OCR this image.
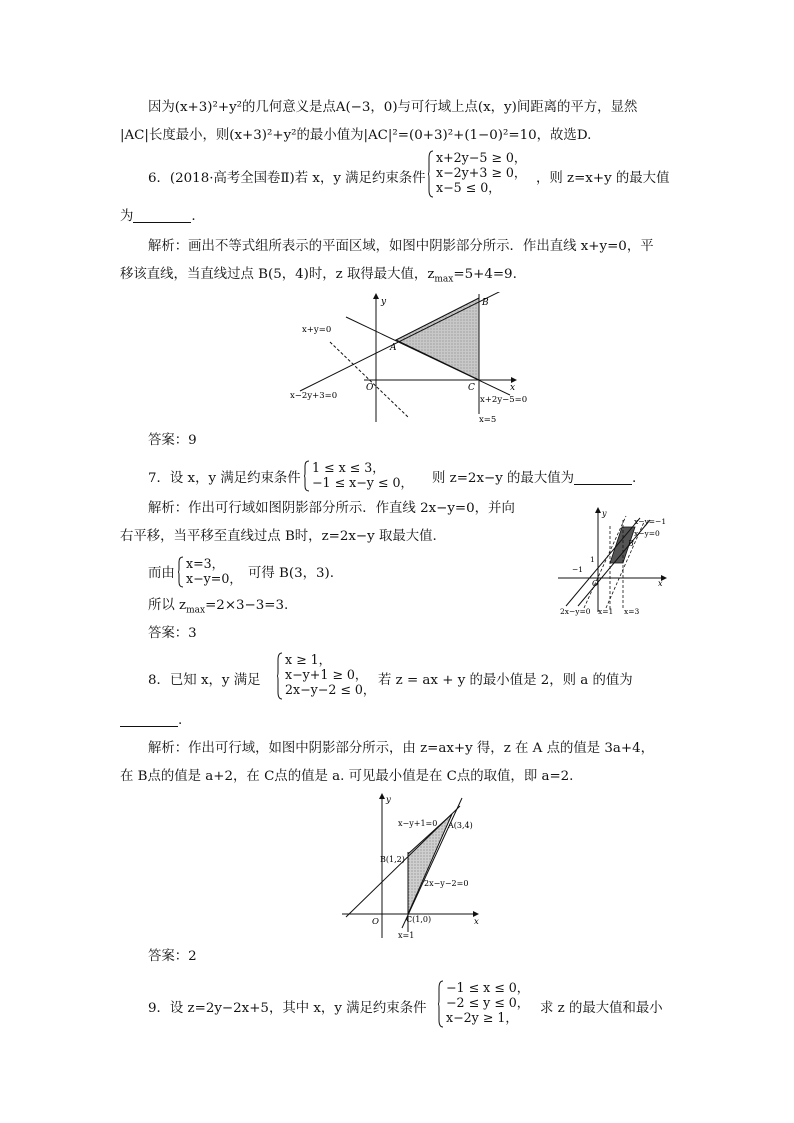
因为(x+3)²+y²的几何意义是点A(−3，0)与可行域上点(x，y)间距离的平方，显然
|AC|长度最小，则(x+3)²+y²的最小值为|AC|²=(0+3)²+(1−0)²=10，故选D.
6．(2018·高考全国卷Ⅱ)若 x，y 满足约束条件
x+2y−5 ≥ 0，
x−2y+3 ≥ 0，
x−5 ≤ 0，
，则 z=x+y 的最大值
为	.
解析：画出不等式组所表示的平面区域，如图中阴影部分所示．作出直线 x+y=0，平
移该直线，当直线过点 B(5，4)时，z 取得最大值，$z_{max}=5+4=9$.
x
y
O
x+y=0
x−2y+3=0	x+2y−5=0
x=5
A
B
C
答案：9
7．设 x，y 满足约束条件
1 ≤ x ≤ 3，
−1 ≤ x−y ≤ 0， 则 z=2x−y 的最大值为	.
解析：作出可行域如图阴影部分所示．作直线 2x−y=0，并向
右平移，当平移至直线过点 B时，z=2x−y 取最大值.
而由
x=3，
x−y=0， 可得 B(3，3).
所以 $z_{max}=2\times 3-3=3$.
答案：3
x
y
O
x−y=−1
x−y=0
2x−y=0 x=1 x=3
B
1
−1
8．已知 x，y 满足
x ≥ 1，
x−y+1 ≥ 0，
2x−y−2 ≤ 0，
若 z = ax + y 的最小值是 2，则 a 的值为
.
解析：作出可行域，如图中阴影部分所示，由 z=ax+y 得，z 在 A 点的值是 3a+4，
在 B点的值是 a+2，在 C点的值是 a. 可见最小值是在 C点的取值，即 a=2.
x
y
O
x−y+1=0 A(3,4)
B(1,2)
2x−y−2=0
C(1,0)
x=1
答案：2
9．设 z=2y−2x+5，其中 x，y 满足约束条件
−1 ≤ x ≤ 0，
−2 ≤ y ≤ 0，
x−2y ≥ 1，
求 z 的最大值和最小
